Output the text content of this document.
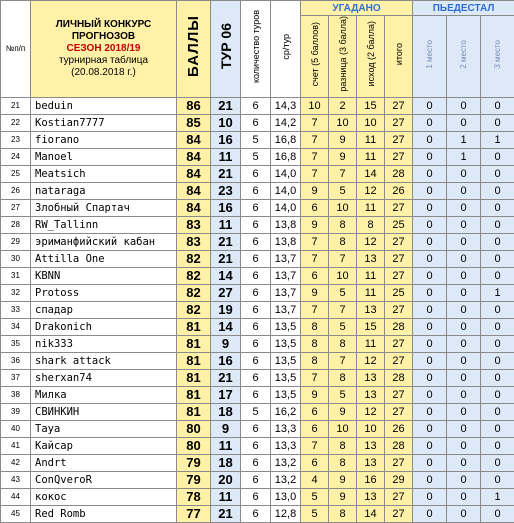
№п/п	ЛИЧНЫЙ КОНКУРС
ПРОГНОЗОВ
СЕЗОН 2018/19
турнирная таблица
(20.08.2018 г.)	БАЛЛЫ	ТУР 06	количество туров	ср/тур	УГАДАНО				ПЬЕДЕСТАЛ		
						счет (5 баллов)	разница (3 балла)	исход (2 балла)	итого	1 место	2 место	3 место
21	beduin	86	21	6	14,3	10	2	15	27	0	0	0
22	Kostian7777	85	10	6	14,2	7	10	10	27	0	0	0
23	fiorano	84	16	5	16,8	7	9	11	27	0	1	1
24	Manoel	84	11	5	16,8	7	9	11	27	0	1	0
25	Meatsich	84	21	6	14,0	7	7	14	28	0	0	0
26	nataraga	84	23	6	14,0	9	5	12	26	0	0	0
27	Злобный Спартач	84	16	6	14,0	6	10	11	27	0	0	0
28	RW_Tallinn	83	11	6	13,8	9	8	8	25	0	0	0
29	эриманфийский кабан	83	21	6	13,8	7	8	12	27	0	0	0
30	Attilla One	82	21	6	13,7	7	7	13	27	0	0	0
31	KBNN	82	14	6	13,7	6	10	11	27	0	0	0
32	Protoss	82	27	6	13,7	9	5	11	25	0	0	1
33	спадар	82	19	6	13,7	7	7	13	27	0	0	0
34	Drakonich	81	14	6	13,5	8	5	15	28	0	0	0
35	nik333	81	9	6	13,5	8	8	11	27	0	0	0
36	shark attack	81	16	6	13,5	8	7	12	27	0	0	0
37	sherxan74	81	21	6	13,5	7	8	13	28	0	0	0
38	Милка	81	17	6	13,5	9	5	13	27	0	0	0
39	СВИНКИН	81	18	5	16,2	6	9	12	27	0	0	0
40	Taya	80	9	6	13,3	6	10	10	26	0	0	0
41	Кайсар	80	11	6	13,3	7	8	13	28	0	0	0
42	Andrt	79	18	6	13,2	6	8	13	27	0	0	0
43	ConQveroR	79	20	6	13,2	4	9	16	29	0	0	0
44	кокос	78	11	6	13,0	5	9	13	27	0	0	1
45	Red Romb	77	21	6	12,8	5	8	14	27	0	0	0
